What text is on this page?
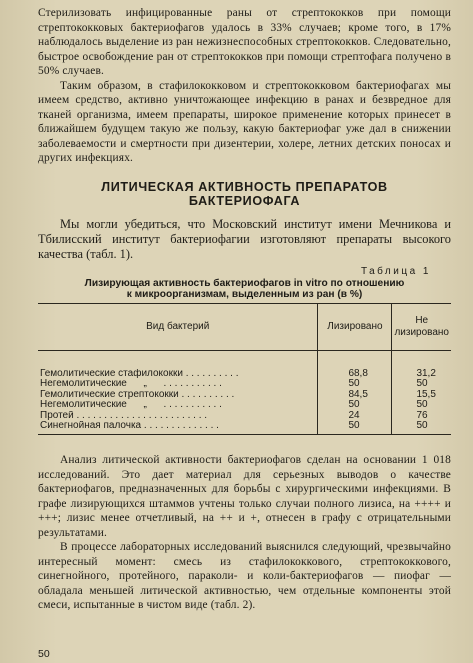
Стерилизовать инфицированные раны от стрептококков при помощи стрептококковых бактериофагов удалось в 33% случаев; кроме того, в 17% наблюдалось выделение из ран нежизнеспособных стрептококков. Следовательно, быстрое освобождение ран от стрептококков при помощи стрептофага получено в 50% случаев.

Таким образом, в стафилококковом и стрептококковом бактериофагах мы имеем средство, активно уничтожающее инфекцию в ранах и безвредное для тканей организма, имеем препараты, широкое применение которых принесет в ближайшем будущем такую же пользу, какую бактериофаг уже дал в снижении заболеваемости и смертности при дизентерии, холере, летних детских поносах и других инфекциях.

ЛИТИЧЕСКАЯ АКТИВНОСТЬ ПРЕПАРАТОВ
БАКТЕРИОФАГА

Мы могли убедиться, что Московский институт имени Мечникова и Тбилисский институт бактериофагии изготовляют препараты высокого качества (табл. 1).

Таблица 1
Лизирующая активность бактериофагов in vitro по отношению
к микроорганизмам, выделенным из ран (в %)
Вид бактерий	Лизировано	Не лизировано

Гемолитические стафилококки . . . . . . . . . .	68,8	31,2
Негемолитические      „      . . . . . . . . . . .	50	50
Гемолитические стрептококки . . . . . . . . . .	84,5	15,5
Негемолитические      „      . . . . . . . . . . .	50	50
Протей . . . . . . . . . . . . . . . . . . . . . . . .	24	76
Синегнойная палочка . . . . . . . . . . . . . .	50	50

Анализ литической активности бактериофагов сделан на основании 1 018 исследований. Это дает материал для серьезных выводов о качестве бактериофагов, предназначенных для борьбы с хирургическими инфекциями. В графе лизирующихся штаммов учтены только случаи полного лизиса, на ++++ и +++; лизис менее отчетливый, на ++ и +, отнесен в графу с отрицательными результатами.

В процессе лабораторных исследований выяснился следующий, чрезвычайно интересный момент: смесь из стафилококкового, стрептококкового, синегнойного, протейного, параколи- и коли-бактериофагов — пиофаг — обладала меньшей литической активностью, чем отдельные компоненты этой смеси, испытанные в чистом виде (табл. 2).

50
